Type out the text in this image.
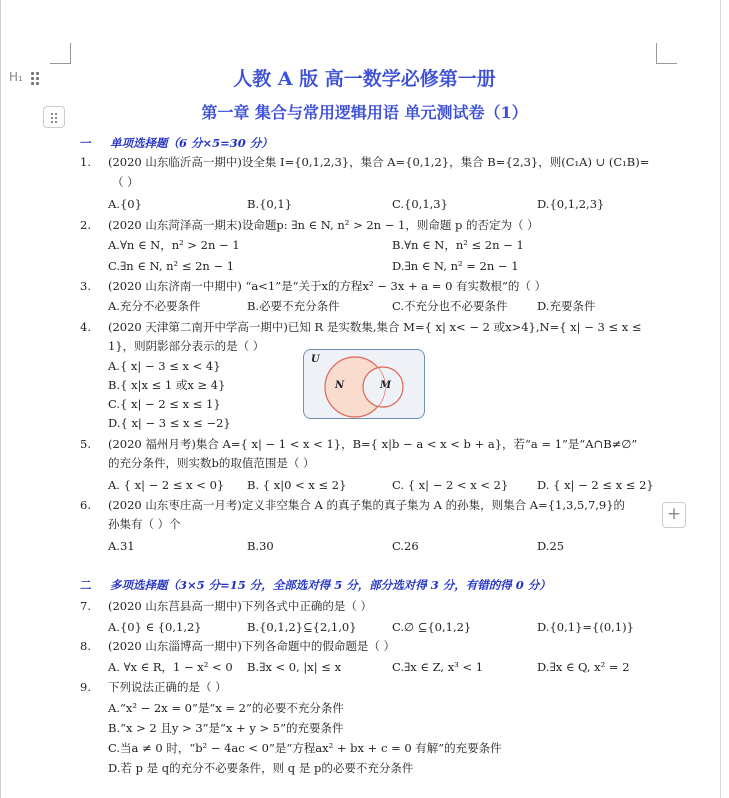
H₁
+
人教 A 版 高一数学必修第一册
第一章 集合与常用逻辑用语 单元测试卷（1）
一 单项选择题（6 分×5=30 分）
1. (2020 山东临沂高一期中)设全集 I={0,1,2,3}，集合 A={0,1,2}，集合 B={2,3}，则(C₁A) ∪ (C₁B)=
（ ）
A.{0}	B.{0,1}	C.{0,1,3}	D.{0,1,2,3}
2. (2020 山东菏泽高一期末)设命题p: ∃n ∈ N, n² > 2n − 1，则命题 p 的否定为（ ）
A.∀n ∈ N，n² > 2n − 1	B.∀n ∈ N，n² ≤ 2n − 1
C.∃n ∈ N, n² ≤ 2n − 1	D.∃n ∈ N, n² = 2n − 1
3. (2020 山东济南一中期中) “a<1”是“关于x的方程x² − 3x + a = 0 有实数根”的（ ）
A.充分不必要条件	B.必要不充分条件	C.不充分也不必要条件	D.充要条件
4. (2020 天津第二南开中学高一期中)已知 R 是实数集,集合 M={ x| x< − 2 或x>4},N={ x| − 3 ≤ x ≤
1}，则阴影部分表示的是（ ）
A.{ x| − 3 ≤ x < 4}
B.{ x|x ≤ 1 或x ≥ 4}
C.{ x| − 2 ≤ x ≤ 1}
D.{ x| − 3 ≤ x ≤ −2}
U
N	M
5. (2020 福州月考)集合 A={ x| − 1 < x < 1}，B={ x|b − a < x < b + a}，若“a = 1”是“A∩B≠∅”
的充分条件，则实数b的取值范围是（ ）
A. { x| − 2 ≤ x < 0} B. { x|0 < x ≤ 2}	C. { x| − 2 < x < 2} D. { x| − 2 ≤ x ≤ 2}
6. (2020 山东枣庄高一月考)定义非空集合 A 的真子集的真子集为 A 的孙集，则集合 A={1,3,5,7,9}的
孙集有（ ）个
A.31	B.30	C.26	D.25
二 多项选择题（3×5 分=15 分，全部选对得 5 分，部分选对得 3 分，有错的得 0 分）
7. (2020 山东莒县高一期中)下列各式中正确的是（ ）
A.{0} ∈ {0,1,2}	B.{0,1,2}⊆{2,1,0}	C.∅ ⊆{0,1,2}	D.{0,1}={(0,1)}
8. (2020 山东淄博高一期中)下列各命题中的假命题是（ ）
A. ∀x ∈ R，1 − x² < 0 B.∃x < 0, |x| ≤ x	C.∃x ∈ Z, x³ < 1	D.∃x ∈ Q, x² = 2
9. 下列说法正确的是（ ）
A.“x² − 2x = 0”是“x = 2”的必要不充分条件
B.“x > 2 且y > 3”是“x + y > 5”的充要条件
C.当a ≠ 0 时，“b² − 4ac < 0”是“方程ax² + bx + c = 0 有解”的充要条件
D.若 p 是 q的充分不必要条件，则 q 是 p的必要不充分条件
